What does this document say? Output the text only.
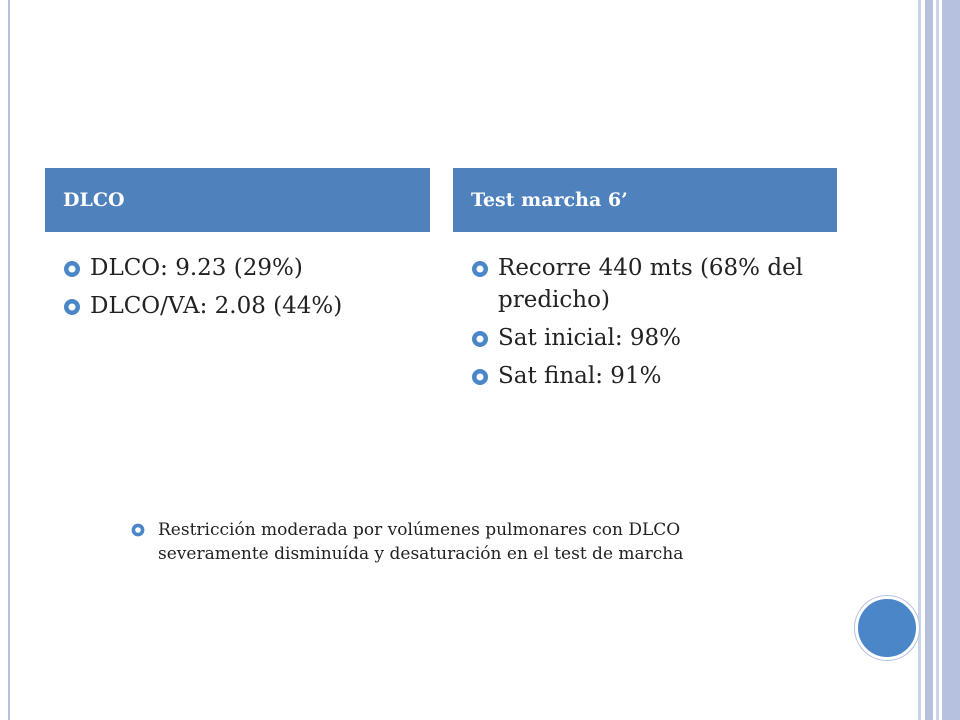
DLCO	Test marcha 6’
DLCO: 9.23 (29%)
DLCO/VA: 2.08 (44%)
Recorre 440 mts (68% del predicho)
Sat inicial: 98%
Sat final: 91%
Restricción moderada por volúmenes pulmonares con DLCO severamente disminuída y desaturación en el test de marcha
